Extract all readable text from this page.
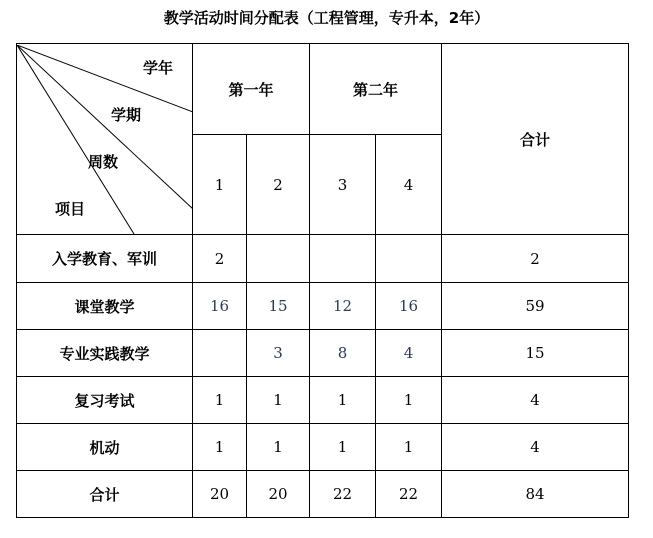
教学活动时间分配表（工程管理，专升本，2年）
学年
学期
周数
项目	第一年		第二年		合计
	1	2	3	4	
入学教育、军训	2				2
课堂教学	16	15	12	16	59
专业实践教学		3	8	4	15
复习考试	1	1	1	1	4
机动	1	1	1	1	4
合计	20	20	22	22	84
